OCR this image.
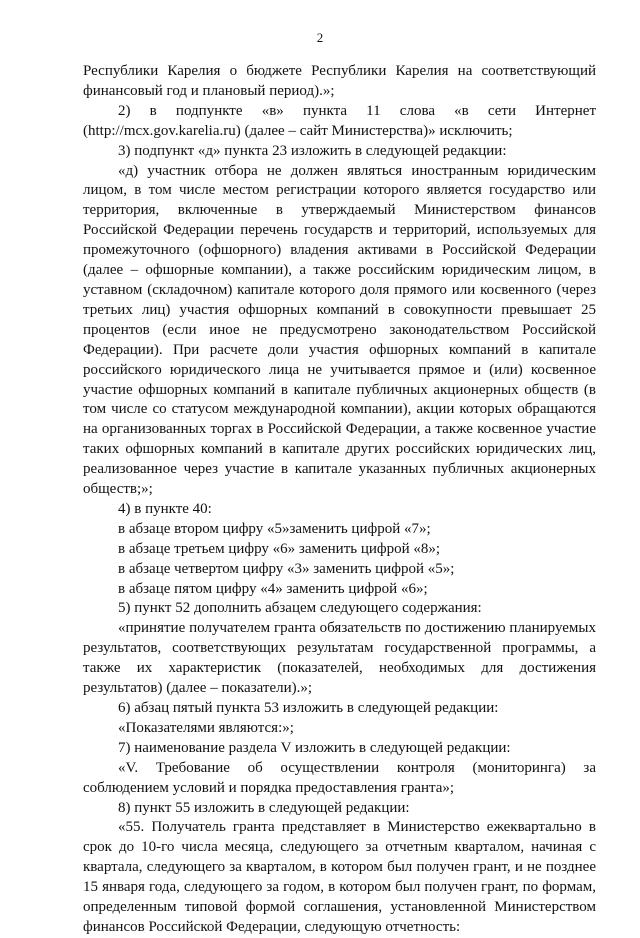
2

Республики Карелия о бюджете Республики Карелия на соответствующий финансовый год и плановый период).»;

2) в подпункте «в» пункта 11 слова «в сети Интернет (http://mcx.gov.karelia.ru) (далее – сайт Министерства)» исключить;

3) подпункт «д» пункта 23 изложить в следующей редакции:

«д) участник отбора не должен являться иностранным юридическим лицом, в том числе местом регистрации которого является государство или территория, включенные в утверждаемый Министерством финансов Российской Федерации перечень государств и территорий, используемых для промежуточного (офшорного) владения активами в Российской Федерации (далее – офшорные компании), а также российским юридическим лицом, в уставном (складочном) капитале которого доля прямого или косвенного (через третьих лиц) участия офшорных компаний в совокупности превышает 25 процентов (если иное не предусмотрено законодательством Российской Федерации). При расчете доли участия офшорных компаний в капитале российского юридического лица не учитывается прямое и (или) косвенное участие офшорных компаний в капитале публичных акционерных обществ (в том числе со статусом международной компании), акции которых обращаются на организованных торгах в Российской Федерации, а также косвенное участие таких офшорных компаний в капитале других российских юридических лиц, реализованное через участие в капитале указанных публичных акционерных обществ;»;

4) в пункте 40:

в абзаце втором цифру «5»заменить цифрой «7»;

в абзаце третьем цифру «6» заменить цифрой «8»;

в абзаце четвертом цифру «3» заменить цифрой «5»;

в абзаце пятом цифру «4» заменить цифрой «6»;

5) пункт 52 дополнить абзацем следующего содержания:

«принятие получателем гранта обязательств по достижению планируемых результатов, соответствующих результатам государственной программы, а также их характеристик (показателей, необходимых для достижения результатов) (далее – показатели).»;

6) абзац пятый пункта 53 изложить в следующей редакции:

«Показателями являются:»;

7) наименование раздела V изложить в следующей редакции:

«V. Требование об осуществлении контроля (мониторинга) за соблюдением условий и порядка предоставления гранта»;

8) пункт 55 изложить в следующей редакции:

«55. Получатель гранта представляет в Министерство ежеквартально в срок до 10-го числа месяца, следующего за отчетным кварталом, начиная с квартала, следующего за кварталом, в котором был получен грант, и не позднее 15 января года, следующего за годом, в котором был получен грант, по формам, определенным типовой формой соглашения, установленной Министерством финансов Российской Федерации, следующую отчетность:
